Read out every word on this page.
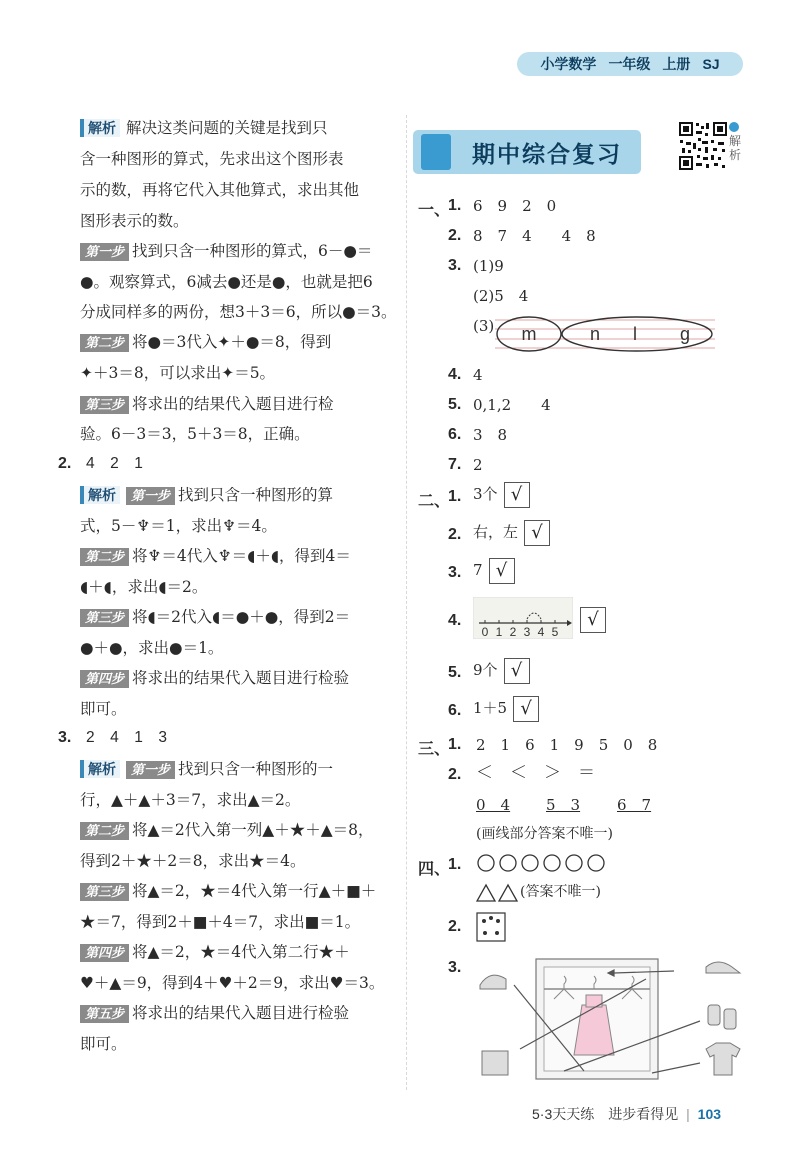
小学数学 一年级 上册 SJ
解析 解决这类问题的关键是找到只
含一种图形的算式，先求出这个图形表
示的数，再将它代入其他算式，求出其他
图形表示的数。
第一步 找到只含一种图形的算式，6－●＝
●。观察算式，6减去●还是●，也就是把6
分成同样多的两份，想3＋3＝6，所以●＝3。
第二步 将●＝3代入✦＋●＝8，得到
✦＋3＝8，可以求出✦＝5。
第三步 将求出的结果代入题目进行检
验。6－3＝3，5＋3＝8，正确。
2. 4　2　1
解析 第一步 找到只含一种图形的算
式，5－♆＝1，求出♆＝4。
第二步 将♆＝4代入♆＝◖＋◖，得到4＝
◖＋◖，求出◖＝2。
第三步 将◖＝2代入◖＝●＋●，得到2＝
●＋●，求出●＝1。
第四步 将求出的结果代入题目进行检验
即可。
3. 2　4　1　3
解析 第一步 找到只含一种图形的一
行，▲＋▲＋3＝7，求出▲＝2。
第二步 将▲＝2代入第一列▲＋★＋▲＝8，
得到2＋★＋2＝8，求出★＝4。
第三步 将▲＝2，★＝4代入第一行▲＋■＋
★＝7，得到2＋■＋4＝7，求出■＝1。
第四步 将▲＝2，★＝4代入第二行★＋
♥＋▲＝9，得到4＋♥＋2＝9，求出♥＝3。
第五步 将求出的结果代入题目进行检验
即可。
期中综合复习	解析
一、
1. 6　9　2　0
2. 8　7　4　　4　8
3. (1)9
(2)5　4
(3) m	n l g
4. 4
5. 0,1,2　　4
6. 3　8
7. 2
二、
1. 3个 √
2. 右，左 √
3. 7 √
4.
0 1 2 3 4 5
√
5. 9个 √
6. 1＋5 √
三、
1. 2　1　6　1　9　5　0　8
2. ＜　＜　＞　＝
0　4 5　3 6　7
(画线部分答案不唯一)
四、
1.
(答案不唯一)
2.
3.
5·3天天练　进步看得见 | 103
